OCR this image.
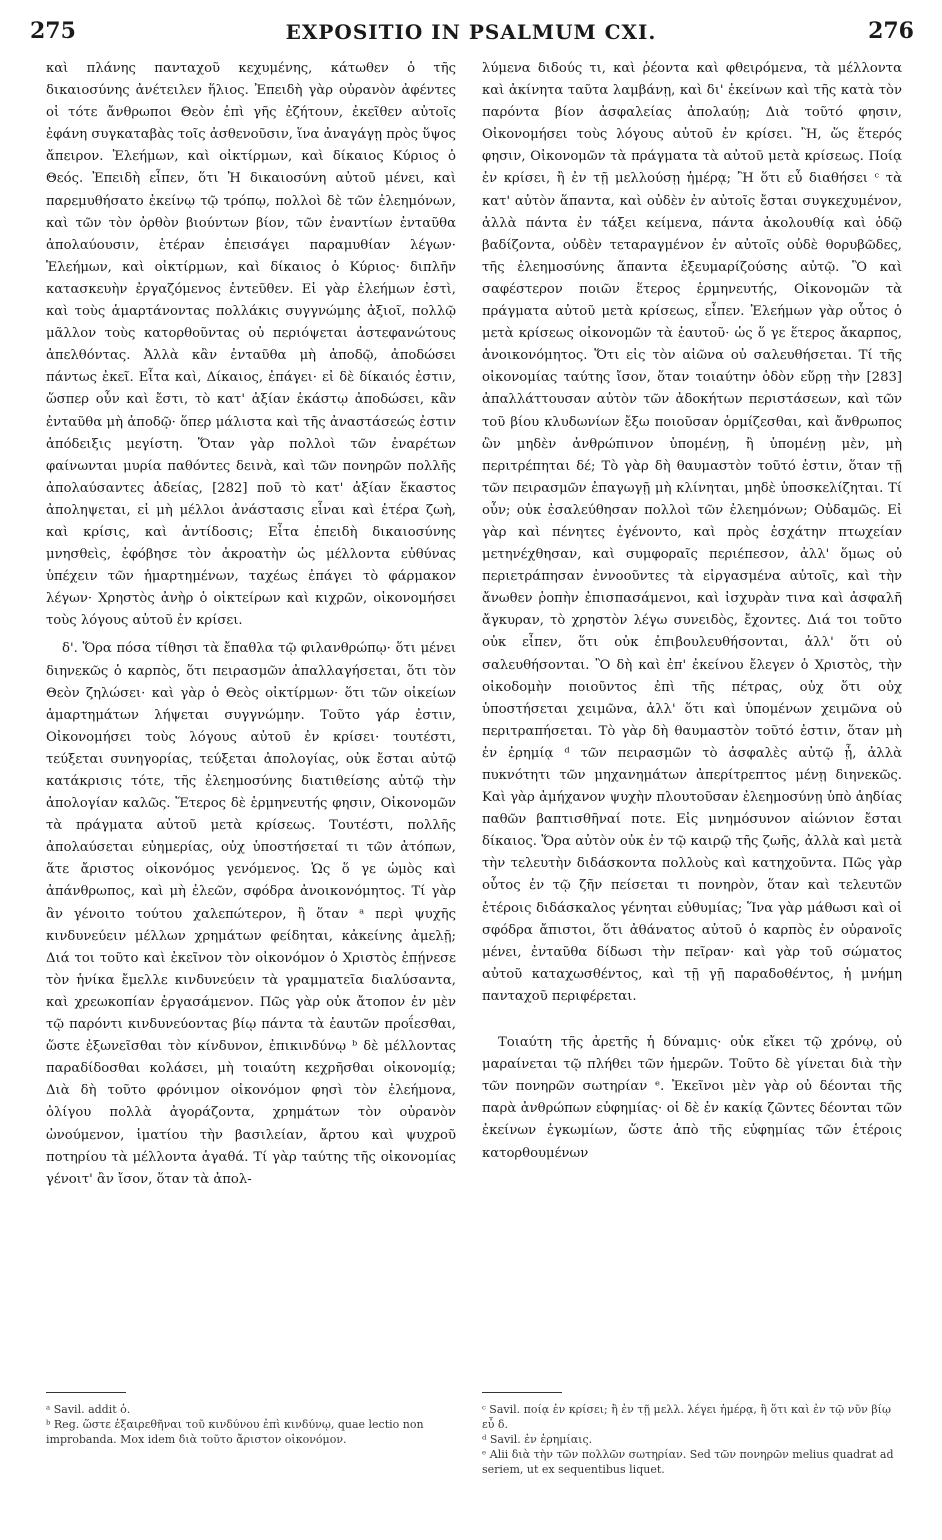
275	EXPOSITIO IN PSALMUM CXI.	276

καὶ πλάνης πανταχοῦ κεχυμένης, κάτωθεν ὁ τῆς δικαιοσύνης ἀνέτειλεν ἥλιος. Ἐπειδὴ γὰρ οὐρανὸν ἀφέντες οἱ τότε ἄνθρωποι Θεὸν ἐπὶ γῆς ἐζήτουν, ἐκεῖθεν αὐτοῖς ἐφάνη συγκαταβὰς τοῖς ἀσθενοῦσιν, ἵνα ἀναγάγῃ πρὸς ὕψος ἄπειρον. Ἐλεήμων, καὶ οἰκτίρμων, καὶ δίκαιος Κύριος ὁ Θεός. Ἐπειδὴ εἶπεν, ὅτι Ἡ δικαιοσύνη αὐτοῦ μένει, καὶ παρεμυθήσατο ἐκείνῳ τῷ τρόπῳ, πολλοὶ δὲ τῶν ἐλεημόνων, καὶ τῶν τὸν ὀρθὸν βιούντων βίον, τῶν ἐναντίων ἐνταῦθα ἀπολαύουσιν, ἑτέραν ἐπεισάγει παραμυθίαν λέγων· Ἐλεήμων, καὶ οἰκτίρμων, καὶ δίκαιος ὁ Κύριος· διπλῆν κατασκευὴν ἐργαζόμενος ἐντεῦθεν. Εἰ γὰρ ἐλεήμων ἐστὶ, καὶ τοὺς ἁμαρτάνοντας πολλάκις συγγνώμης ἀξιοῖ, πολλῷ μᾶλλον τοὺς κατορθοῦντας οὐ περιόψεται ἀστεφανώτους ἀπελθόντας. Ἀλλὰ κἂν ἐνταῦθα μὴ ἀποδῷ, ἀποδώσει πάντως ἐκεῖ. Εἶτα καὶ, Δίκαιος, ἐπάγει· εἰ δὲ δίκαιός ἐστιν, ὥσπερ οὖν καὶ ἔστι, τὸ κατ' ἀξίαν ἑκάστῳ ἀποδώσει, κἂν ἐνταῦθα μὴ ἀποδῷ· ὅπερ μάλιστα καὶ τῆς ἀναστάσεώς ἐστιν ἀπόδειξις μεγίστη. Ὅταν γὰρ πολλοὶ τῶν ἐναρέτων φαίνωνται μυρία παθόντες δεινὰ, καὶ τῶν πονηρῶν πολλῆς ἀπολαύσαντες ἀδείας, [282] ποῦ τὸ κατ' ἀξίαν ἕκαστος ἀποληψεται, εἰ μὴ μέλλοι ἀνάστασις εἶναι καὶ ἑτέρα ζωὴ, καὶ κρίσις, καὶ ἀντίδοσις; Εἶτα ἐπειδὴ δικαιοσύνης μνησθεὶς, ἐφόβησε τὸν ἀκροατὴν ὡς μέλλοντα εὐθύνας ὑπέχειν τῶν ἡμαρτημένων, ταχέως ἐπάγει τὸ φάρμακον λέγων· Χρηστὸς ἀνὴρ ὁ οἰκτείρων καὶ κιχρῶν, οἰκονομήσει τοὺς λόγους αὐτοῦ ἐν κρίσει.

δ'. Ὅρα πόσα τίθησι τὰ ἔπαθλα τῷ φιλανθρώπῳ· ὅτι μένει διηνεκῶς ὁ καρπὸς, ὅτι πειρασμῶν ἀπαλλαγήσεται, ὅτι τὸν Θεὸν ζηλώσει· καὶ γὰρ ὁ Θεὸς οἰκτίρμων· ὅτι τῶν οἰκείων ἁμαρτημάτων λήψεται συγγνώμην. Τοῦτο γάρ ἐστιν, Οἰκονομήσει τοὺς λόγους αὐτοῦ ἐν κρίσει· τουτέστι, τεύξεται συνηγορίας, τεύξεται ἀπολογίας, οὐκ ἔσται αὐτῷ κατάκρισις τότε, τῆς ἐλεημοσύνης διατιθείσης αὐτῷ τὴν ἀπολογίαν καλῶς. Ἕτερος δὲ ἑρμηνευτής φησιν, Οἰκονομῶν τὰ πράγματα αὐτοῦ μετὰ κρίσεως. Τουτέστι, πολλῆς ἀπολαύσεται εὐημερίας, οὐχ ὑποστήσεταί τι τῶν ἀτόπων, ἅτε ἄριστος οἰκονόμος γενόμενος. Ὡς ὅ γε ὠμὸς καὶ ἀπάνθρωπος, καὶ μὴ ἐλεῶν, σφόδρα ἀνοικονόμητος. Τί γὰρ ἂν γένοιτο τούτου χαλεπώτερον, ἢ ὅταν ᵃ περὶ ψυχῆς κινδυνεύειν μέλλων χρημάτων φείδηται, κἀκείνης ἀμελῇ; Διά τοι τοῦτο καὶ ἐκεῖνον τὸν οἰκονόμον ὁ Χριστὸς ἐπῄνεσε τὸν ἡνίκα ἔμελλε κινδυνεύειν τὰ γραμματεῖα διαλύσαντα, καὶ χρεωκοπίαν ἐργασάμενον. Πῶς γὰρ οὐκ ἄτοπον ἐν μὲν τῷ παρόντι κινδυνεύοντας βίῳ πάντα τὰ ἑαυτῶν προΐεσθαι, ὥστε ἐξωνεῖσθαι τὸν κίνδυνον, ἐπικινδύνῳ ᵇ δὲ μέλλοντας παραδίδοσθαι κολάσει, μὴ τοιαύτη κεχρῆσθαι οἰκονομίᾳ; Διὰ δὴ τοῦτο φρόνιμον οἰκονόμον φησὶ τὸν ἐλεήμονα, ὀλίγου πολλὰ ἀγοράζοντα, χρημάτων τὸν οὐρανὸν ὠνούμενον, ἱματίου τὴν βασιλείαν, ἄρτου καὶ ψυχροῦ ποτηρίου τὰ μέλλοντα ἀγαθά. Τί γὰρ ταύτης τῆς οἰκονομίας γένοιτ' ἂν ἴσον, ὅταν τὰ ἀπολ-

λύμενα διδούς τι, καὶ ῥέοντα καὶ φθειρόμενα, τὰ μέλλοντα καὶ ἀκίνητα ταῦτα λαμβάνῃ, καὶ δι' ἐκείνων καὶ τῆς κατὰ τὸν παρόντα βίον ἀσφαλείας ἀπολαύῃ; Διὰ τοῦτό φησιν, Οἰκονομήσει τοὺς λόγους αὐτοῦ ἐν κρίσει. Ἢ, ὥς ἕτερός φησιν, Οἰκονομῶν τὰ πράγματα τὰ αὐτοῦ μετὰ κρίσεως. Ποίᾳ ἐν κρίσει, ἢ ἐν τῇ μελλούσῃ ἡμέρᾳ; Ἢ ὅτι εὖ διαθήσει ᶜ τὰ κατ' αὐτὸν ἅπαντα, καὶ οὐδὲν ἐν αὐτοῖς ἔσται συγκεχυμένον, ἀλλὰ πάντα ἐν τάξει κείμενα, πάντα ἀκολουθίᾳ καὶ ὁδῷ βαδίζοντα, οὐδὲν τεταραγμένον ἐν αὐτοῖς οὐδὲ θορυβῶδες, τῆς ἐλεημοσύνης ἅπαντα ἐξευμαρίζούσης αὐτῷ. Ὃ καὶ σαφέστερον ποιῶν ἕτερος ἑρμηνευτής, Οἰκονομῶν τὰ πράγματα αὐτοῦ μετὰ κρίσεως, εἶπεν. Ἐλεήμων γὰρ οὗτος ὁ μετὰ κρίσεως οἰκονομῶν τὰ ἑαυτοῦ· ὡς ὅ γε ἕτερος ἄκαρπος, ἀνοικονόμητος. Ὅτι εἰς τὸν αἰῶνα οὐ σαλευθήσεται. Τί τῆς οἰκονομίας ταύτης ἴσον, ὅταν τοιαύτην ὁδὸν εὕρῃ τὴν [283] ἀπαλλάττουσαν αὐτὸν τῶν ἀδοκήτων περιστάσεων, καὶ τῶν τοῦ βίου κλυδωνίων ἔξω ποιοῦσαν ὁρμίζεσθαι, καὶ ἄνθρωπος ὢν μηδὲν ἀνθρώπινον ὑπομένῃ, ἢ ὑπομένῃ μὲν, μὴ περιτρέπηται δέ; Τὸ γὰρ δὴ θαυμαστὸν τοῦτό ἐστιν, ὅταν τῇ τῶν πειρασμῶν ἐπαγωγῇ μὴ κλίνηται, μηδὲ ὑποσκελίζηται. Τί οὖν; οὐκ ἐσαλεύθησαν πολλοὶ τῶν ἐλεημόνων; Οὐδαμῶς. Εἰ γὰρ καὶ πένητες ἐγένοντο, καὶ πρὸς ἐσχάτην πτωχείαν μετηνέχθησαν, καὶ συμφοραῖς περιέπεσον, ἀλλ' ὅμως οὐ περιετράπησαν ἐννοοῦντες τὰ εἰργασμένα αὐτοῖς, καὶ τὴν ἄνωθεν ῥοπὴν ἐπισπασάμενοι, καὶ ἰσχυρὰν τινα καὶ ἀσφαλῆ ἄγκυραν, τὸ χρηστὸν λέγω συνειδὸς, ἔχοντες. Διά τοι τοῦτο οὐκ εἶπεν, ὅτι οὐκ ἐπιβουλευθήσονται, ἀλλ' ὅτι οὐ σαλευθήσονται. Ὃ δὴ καὶ ἐπ' ἐκείνου ἔλεγεν ὁ Χριστὸς, τὴν οἰκοδομὴν ποιοῦντος ἐπὶ τῆς πέτρας, οὐχ ὅτι οὐχ ὑποστήσεται χειμῶνα, ἀλλ' ὅτι καὶ ὑπομένων χειμῶνα οὐ περιτραπήσεται. Τὸ γὰρ δὴ θαυμαστὸν τοῦτό ἐστιν, ὅταν μὴ ἐν ἐρημίᾳ ᵈ τῶν πειρασμῶν τὸ ἀσφαλὲς αὐτῷ ᾖ, ἀλλὰ πυκνότητι τῶν μηχανημάτων ἀπερίτρεπτος μένῃ διηνεκῶς. Καὶ γὰρ ἀμήχανον ψυχὴν πλουτοῦσαν ἐλεημοσύνῃ ὑπὸ ἀηδίας παθῶν βαπτισθῆναί ποτε. Εἰς μνημόσυνον αἰώνιον ἔσται δίκαιος. Ὅρα αὐτὸν οὐκ ἐν τῷ καιρῷ τῆς ζωῆς, ἀλλὰ καὶ μετὰ τὴν τελευτὴν διδάσκοντα πολλοὺς καὶ κατηχοῦντα. Πῶς γὰρ οὗτος ἐν τῷ ζῆν πείσεται τι πονηρὸν, ὅταν καὶ τελευτῶν ἑτέροις διδάσκαλος γένηται εὐθυμίας; Ἵνα γὰρ μάθωσι καὶ οἱ σφόδρα ἄπιστοι, ὅτι ἀθάνατος αὐτοῦ ὁ καρπὸς ἐν οὐρανοῖς μένει, ἐνταῦθα δίδωσι τὴν πεῖραν· καὶ γὰρ τοῦ σώματος αὐτοῦ καταχωσθέντος, καὶ τῇ γῇ παραδοθέντος, ἡ μνήμη πανταχοῦ περιφέρεται.

Τοιαύτη τῆς ἀρετῆς ἡ δύναμις· οὐκ εἴκει τῷ χρόνῳ, οὐ μαραίνεται τῷ πλήθει τῶν ἡμερῶν. Τοῦτο δὲ γίνεται διὰ τὴν τῶν πονηρῶν σωτηρίαν ᵉ. Ἐκεῖνοι μὲν γὰρ οὐ δέονται τῆς παρὰ ἀνθρώπων εὐφημίας· οἱ δὲ ἐν κακίᾳ ζῶντες δέονται τῶν ἐκείνων ἐγκωμίων, ὥστε ἀπὸ τῆς εὐφημίας τῶν ἑτέροις κατορθουμένων

ᵃ Savil. addit ὁ.
ᵇ Reg. ὥστε ἐξαιρεθῆναι τοῦ κινδύνου ἐπὶ κινδύνῳ, quae lectio non improbanda. Mox idem διὰ τοῦτο ἄριστον οἰκονόμον.
ᶜ Savil. ποίᾳ ἐν κρίσει; ἢ ἐν τῇ μελλ. λέγει ἡμέρᾳ, ἢ ὅτι καὶ ἐν τῷ νῦν βίῳ εὖ δ.
ᵈ Savil. ἐν ἐρημίαις.
ᵉ Alii διὰ τὴν τῶν πολλῶν σωτηρίαν. Sed τῶν πονηρῶν melius quadrat ad seriem, ut ex sequentibus liquet.
